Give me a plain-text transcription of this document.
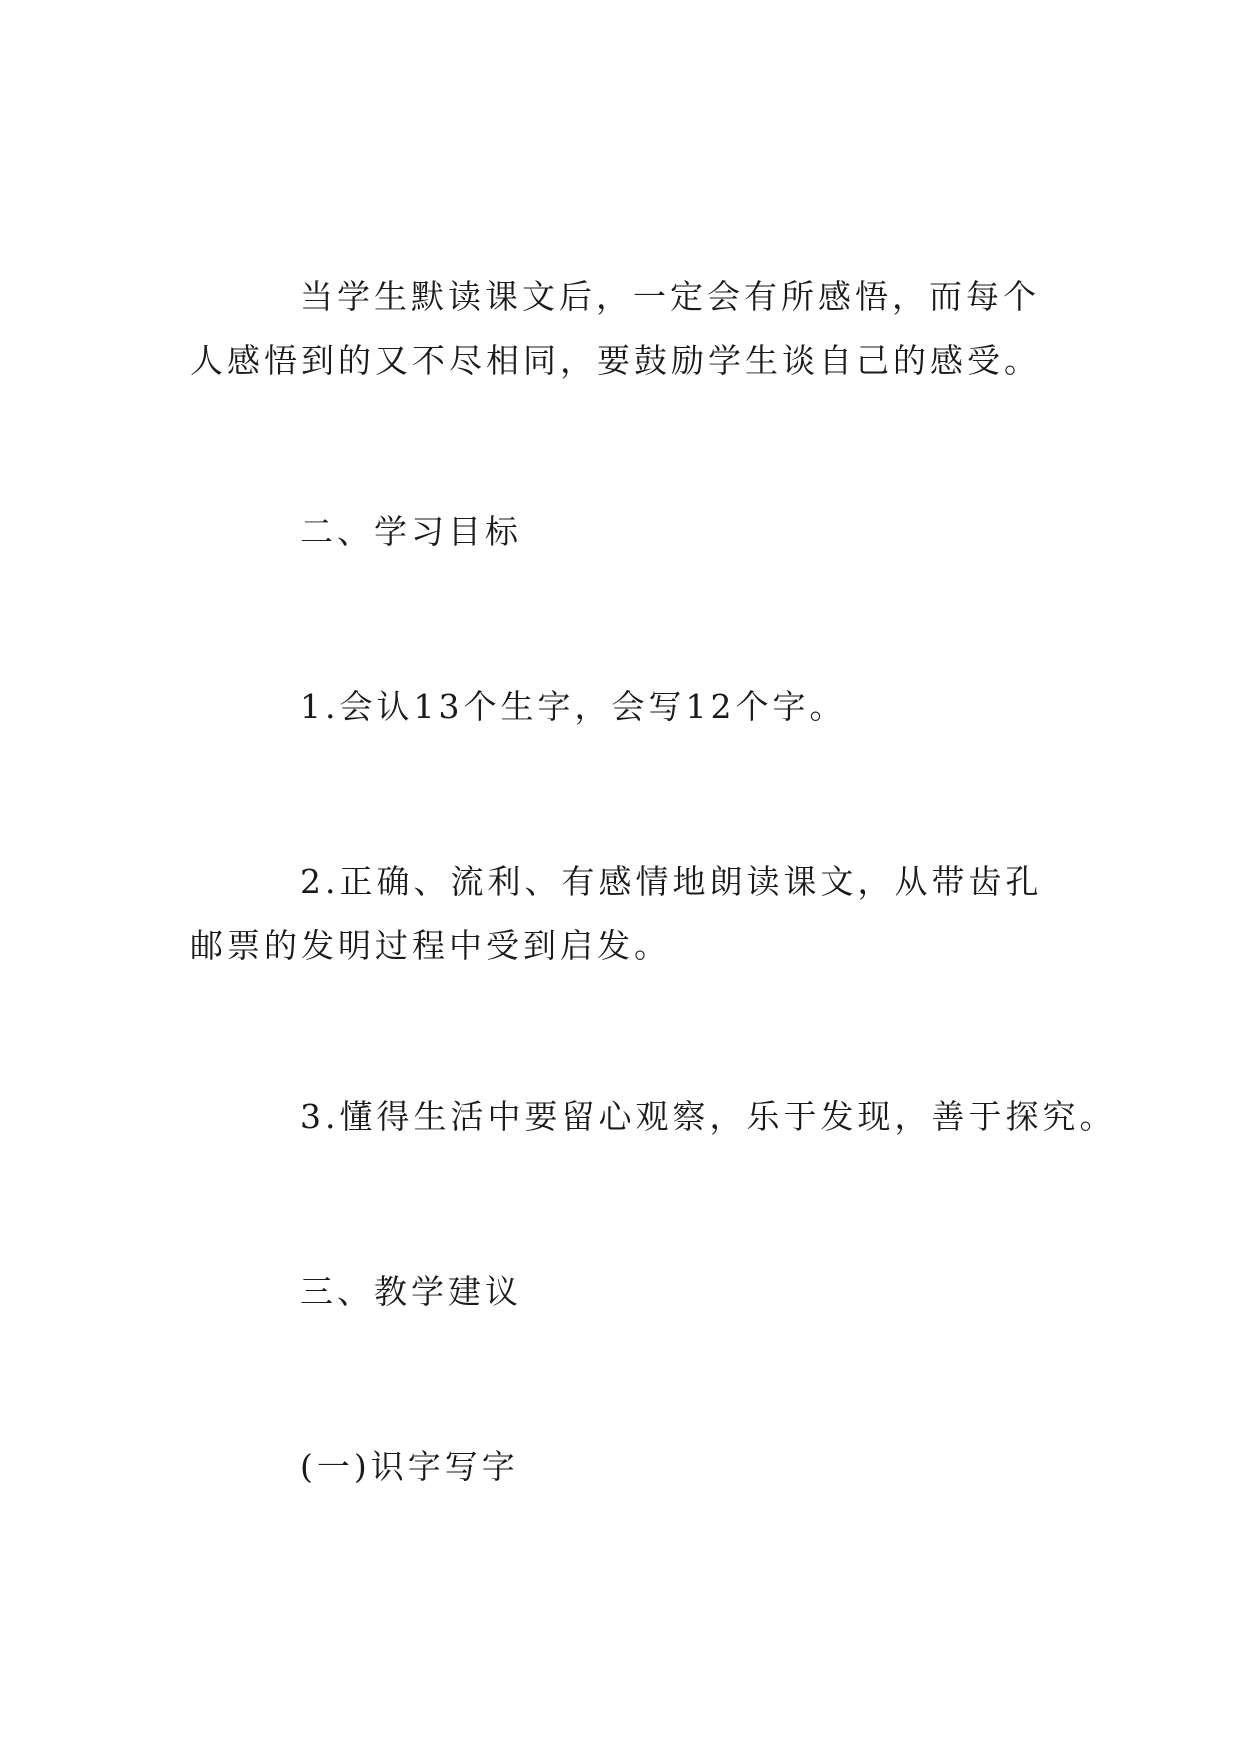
当学生默读课文后，一定会有所感悟，而每个人感悟到的又不尽相同，要鼓励学生谈自己的感受。

二、学习目标

1.会认13个生字，会写12个字。

2.正确、流利、有感情地朗读课文，从带齿孔邮票的发明过程中受到启发。

3.懂得生活中要留心观察，乐于发现，善于探究。

三、教学建议

(一)识字写字
